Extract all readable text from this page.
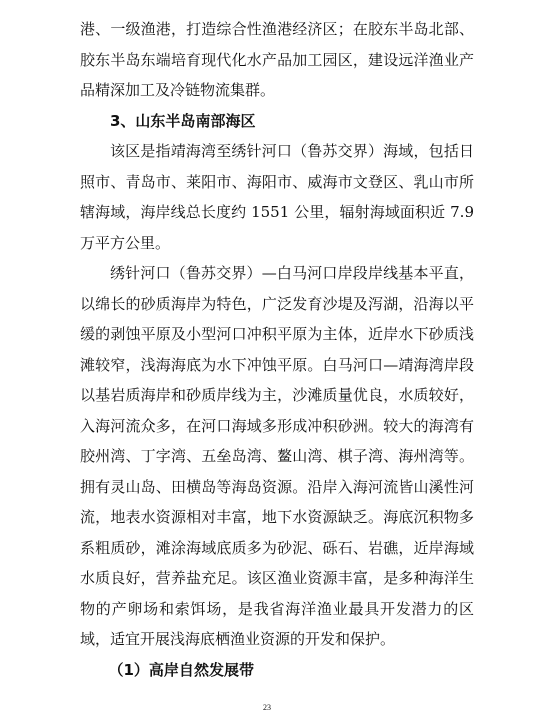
港、一级渔港，打造综合性渔港经济区；在胶东半岛北部、胶东半岛东端培育现代化水产品加工园区，建设远洋渔业产品精深加工及冷链物流集群。

3、山东半岛南部海区

该区是指靖海湾至绣针河口（鲁苏交界）海域，包括日照市、青岛市、莱阳市、海阳市、威海市文登区、乳山市所辖海域，海岸线总长度约 1551 公里，辐射海域面积近 7.9 万平方公里。

绣针河口（鲁苏交界）—白马河口岸段岸线基本平直，以绵长的砂质海岸为特色，广泛发育沙堤及泻湖，沿海以平缓的剥蚀平原及小型河口冲积平原为主体，近岸水下砂质浅滩较窄，浅海海底为水下冲蚀平原。白马河口—靖海湾岸段以基岩质海岸和砂质岸线为主，沙滩质量优良，水质较好，入海河流众多，在河口海域多形成冲积砂洲。较大的海湾有胶州湾、丁字湾、五垒岛湾、鳌山湾、棋子湾、海州湾等。拥有灵山岛、田横岛等海岛资源。沿岸入海河流皆山溪性河流，地表水资源相对丰富，地下水资源缺乏。海底沉积物多系粗质砂，滩涂海域底质多为砂泥、砾石、岩礁，近岸海域水质良好，营养盐充足。该区渔业资源丰富，是多种海洋生物的产卵场和索饵场，是我省海洋渔业最具开发潜力的区域，适宜开展浅海底栖渔业资源的开发和保护。

（1）高岸自然发展带

23
